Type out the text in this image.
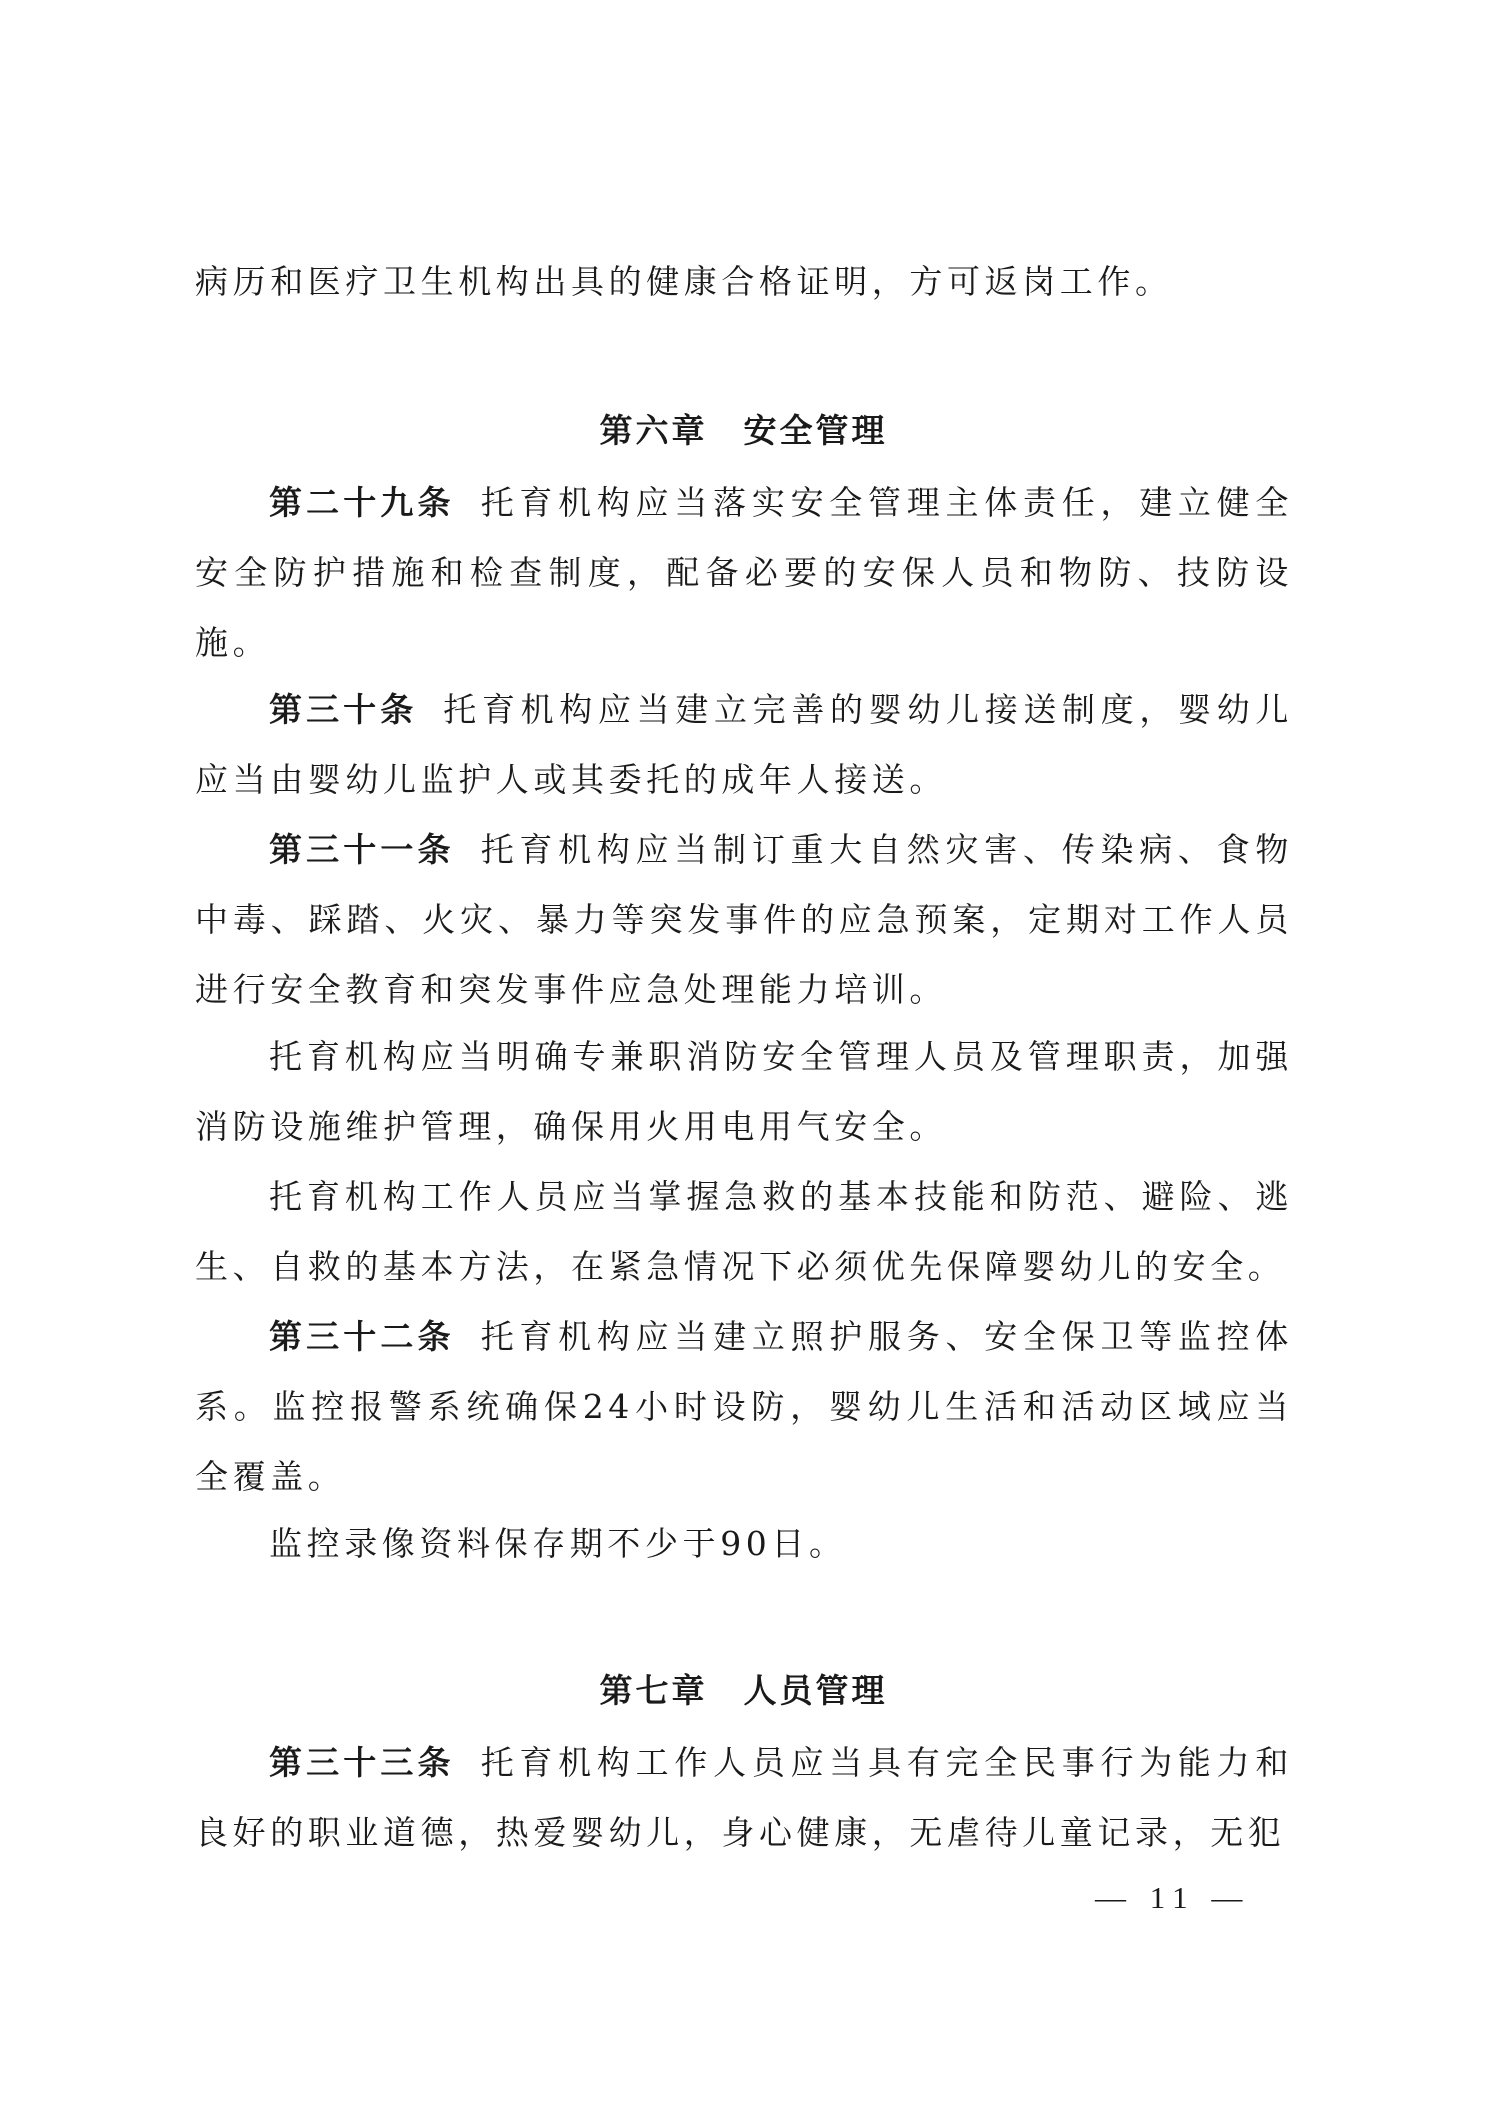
病历和医疗卫生机构出具的健康合格证明，方可返岗工作。

第六章　安全管理

第二十九条 托育机构应当落实安全管理主体责任，建立健全安全防护措施和检查制度，配备必要的安保人员和物防、技防设施。

第三十条 托育机构应当建立完善的婴幼儿接送制度，婴幼儿应当由婴幼儿监护人或其委托的成年人接送。

第三十一条 托育机构应当制订重大自然灾害、传染病、食物中毒、踩踏、火灾、暴力等突发事件的应急预案，定期对工作人员进行安全教育和突发事件应急处理能力培训。

托育机构应当明确专兼职消防安全管理人员及管理职责，加强消防设施维护管理，确保用火用电用气安全。

托育机构工作人员应当掌握急救的基本技能和防范、避险、逃生、自救的基本方法，在紧急情况下必须优先保障婴幼儿的安全。

第三十二条 托育机构应当建立照护服务、安全保卫等监控体系。监控报警系统确保24小时设防，婴幼儿生活和活动区域应当全覆盖。

监控录像资料保存期不少于90日。

第七章　人员管理

第三十三条 托育机构工作人员应当具有完全民事行为能力和良好的职业道德，热爱婴幼儿，身心健康，无虐待儿童记录，无犯

— 11 —
